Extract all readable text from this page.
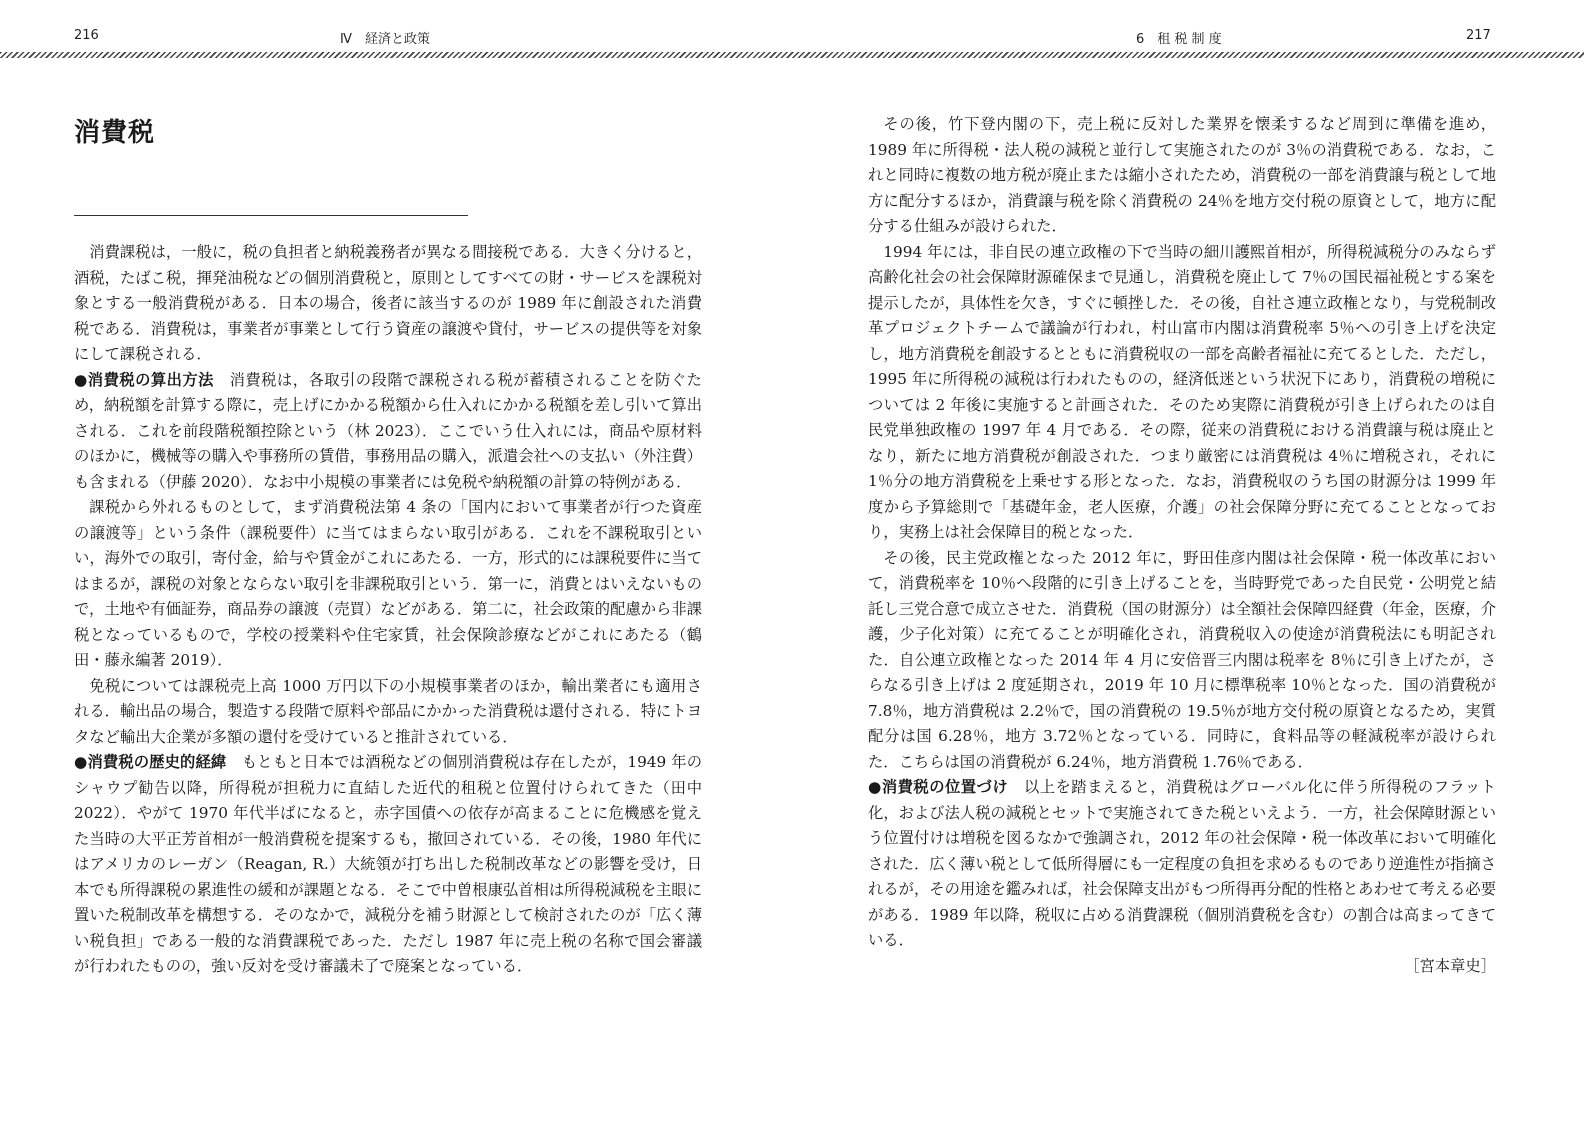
216	Ⅳ　経済と政策	6　租 税 制 度	217
消費税

消費課税は，一般に，税の負担者と納税義務者が異なる間接税である．大きく分けると，酒税，たばこ税，揮発油税などの個別消費税と，原則としてすべての財・サービスを課税対象とする一般消費税がある．日本の場合，後者に該当するのが 1989 年に創設された消費税である．消費税は，事業者が事業として行う資産の譲渡や貸付，サービスの提供等を対象にして課税される．

●消費税の算出方法　 消費税は，各取引の段階で課税される税が蓄積されることを防ぐため，納税額を計算する際に，売上げにかかる税額から仕入れにかかる税額を差し引いて算出される．これを前段階税額控除という（林 2023）．ここでいう仕入れには，商品や原材料のほかに，機械等の購入や事務所の賃借，事務用品の購入，派遣会社への支払い（外注費）も含まれる（伊藤 2020）．なお中小規模の事業者には免税や納税額の計算の特例がある．

課税から外れるものとして，まず消費税法第 4 条の「国内において事業者が行つた資産の譲渡等」という条件（課税要件）に当てはまらない取引がある．これを不課税取引といい，海外での取引，寄付金，給与や賃金がこれにあたる．一方，形式的には課税要件に当てはまるが，課税の対象とならない取引を非課税取引という．第一に，消費とはいえないもので，土地や有価証券，商品券の譲渡（売買）などがある．第二に，社会政策的配慮から非課税となっているもので，学校の授業料や住宅家賃，社会保険診療などがこれにあたる（鶴田・藤永編著 2019）．

免税については課税売上高 1000 万円以下の小規模事業者のほか，輸出業者にも適用される．輸出品の場合，製造する段階で原料や部品にかかった消費税は還付される．特にトヨタなど輸出大企業が多額の還付を受けていると推計されている．

●消費税の歴史的経緯　 もともと日本では酒税などの個別消費税は存在したが，1949 年のシャウプ勧告以降，所得税が担税力に直結した近代的租税と位置付けられてきた（田中 2022）．やがて 1970 年代半ばになると，赤字国債への依存が高まることに危機感を覚えた当時の大平正芳首相が一般消費税を提案するも，撤回されている．その後，1980 年代にはアメリカのレーガン（Reagan, R.）大統領が打ち出した税制改革などの影響を受け，日本でも所得課税の累進性の緩和が課題となる．そこで中曽根康弘首相は所得税減税を主眼に置いた税制改革を構想する．そのなかで，減税分を補う財源として検討されたのが「広く薄い税負担」である一般的な消費課税であった．ただし 1987 年に売上税の名称で国会審議が行われたものの，強い反対を受け審議未了で廃案となっている．

その後，竹下登内閣の下，売上税に反対した業界を懐柔するなど周到に準備を進め，1989 年に所得税・法人税の減税と並行して実施されたのが 3％の消費税である．なお，これと同時に複数の地方税が廃止または縮小されたため，消費税の一部を消費譲与税として地方に配分するほか，消費譲与税を除く消費税の 24％を地方交付税の原資として，地方に配分する仕組みが設けられた．

1994 年には，非自民の連立政権の下で当時の細川護熙首相が，所得税減税分のみならず高齢化社会の社会保障財源確保まで見通し，消費税を廃止して 7％の国民福祉税とする案を提示したが，具体性を欠き，すぐに頓挫した．その後，自社さ連立政権となり，与党税制改革プロジェクトチームで議論が行われ，村山富市内閣は消費税率 5％への引き上げを決定し，地方消費税を創設するとともに消費税収の一部を高齢者福祉に充てるとした．ただし，1995 年に所得税の減税は行われたものの，経済低迷という状況下にあり，消費税の増税については 2 年後に実施すると計画された．そのため実際に消費税が引き上げられたのは自民党単独政権の 1997 年 4 月である．その際，従来の消費税における消費譲与税は廃止となり，新たに地方消費税が創設された．つまり厳密には消費税は 4％に増税され，それに 1％分の地方消費税を上乗せする形となった．なお，消費税収のうち国の財源分は 1999 年度から予算総則で「基礎年金，老人医療，介護」の社会保障分野に充てることとなっており，実務上は社会保障目的税となった．

その後，民主党政権となった 2012 年に，野田佳彦内閣は社会保障・税一体改革において，消費税率を 10％へ段階的に引き上げることを，当時野党であった自民党・公明党と結託し三党合意で成立させた．消費税（国の財源分）は全額社会保障四経費（年金，医療，介護，少子化対策）に充てることが明確化され，消費税収入の使途が消費税法にも明記された．自公連立政権となった 2014 年 4 月に安倍晋三内閣は税率を 8％に引き上げたが，さらなる引き上げは 2 度延期され，2019 年 10 月に標準税率 10％となった．国の消費税が 7.8％，地方消費税は 2.2％で，国の消費税の 19.5％が地方交付税の原資となるため，実質配分は国 6.28％，地方 3.72％となっている．同時に，食料品等の軽減税率が設けられた．こちらは国の消費税が 6.24％，地方消費税 1.76％である．

●消費税の位置づけ　 以上を踏まえると，消費税はグローバル化に伴う所得税のフラット化，および法人税の減税とセットで実施されてきた税といえよう．一方，社会保障財源という位置付けは増税を図るなかで強調され，2012 年の社会保障・税一体改革において明確化された．広く薄い税として低所得層にも一定程度の負担を求めるものであり逆進性が指摘されるが，その用途を鑑みれば，社会保障支出がもつ所得再分配的性格とあわせて考える必要がある．1989 年以降，税収に占める消費課税（個別消費税を含む）の割合は高まってきている．

［宮本章史］
